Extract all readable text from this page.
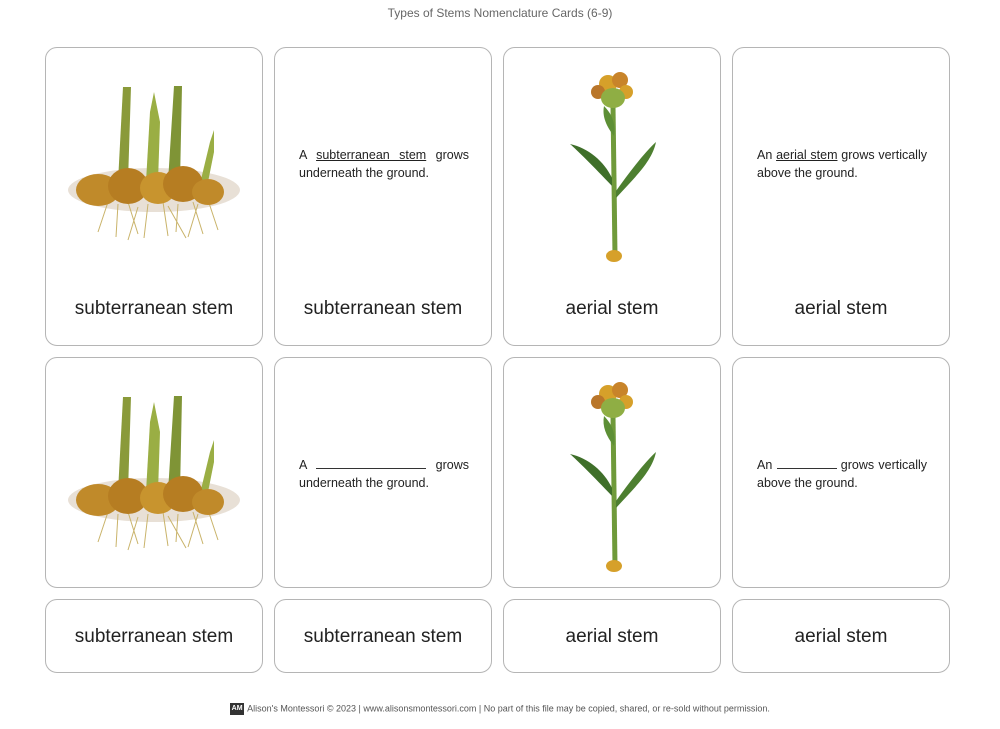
Types of Stems Nomenclature Cards (6-9)
subterranean stem
A subterranean stem grows underneath the ground.
subterranean stem	aerial stem
An aerial stem grows vertically above the ground.
aerial stem
A	grows underneath the ground.
An	grows vertically above the ground.
subterranean stem	subterranean stem	aerial stem	aerial stem
AM Alison's Montessori © 2023 | www.alisonsmontessori.com | No part of this file may be copied, shared, or re-sold without permission.
